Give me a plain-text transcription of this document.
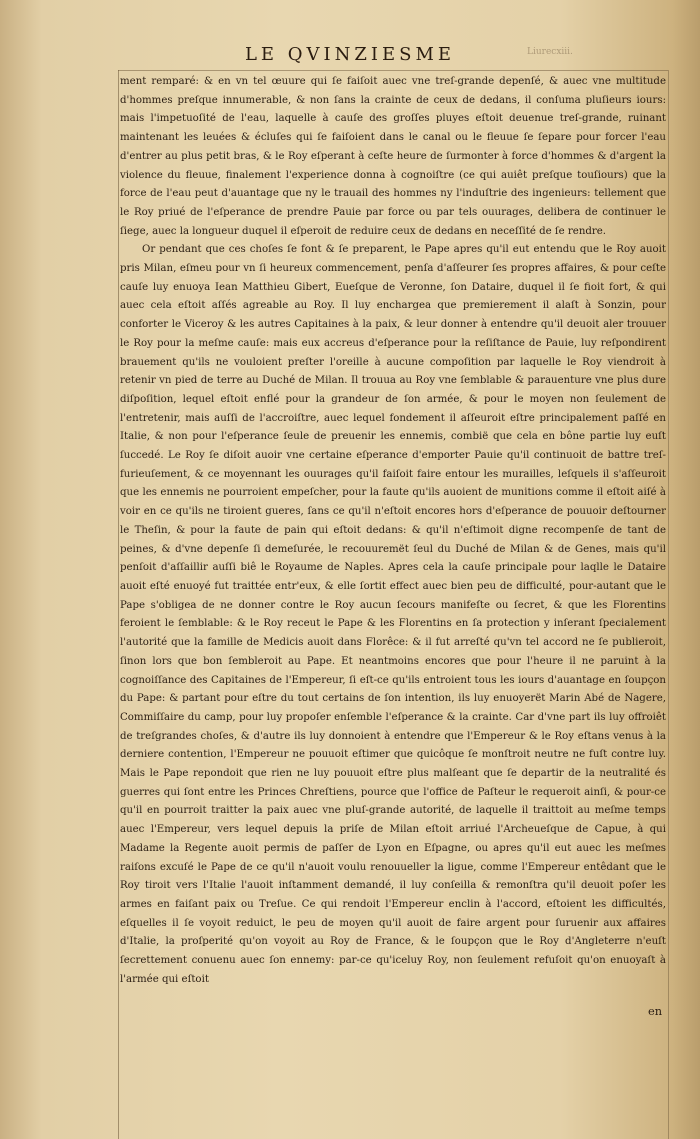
LE QVINZIESME	Liurecxiii.

ment remparé: & en vn tel œuure qui ſe faiſoit auec vne treſ-grande depenſé, & auec vne multitude d'hommes preſque innumerable, & non ſans la crainte de ceux de dedans, il conſuma pluſieurs iours: mais l'impetuoſité de l'eau, laquelle à cauſe des groſſes pluyes eſtoit deuenue treſ-grande, ruinant maintenant les leuées & écluſes qui ſe faiſoient dans le canal ou le fleuue ſe ſepare pour forcer l'eau d'entrer au plus petit bras, & le Roy eſperant à ceſte heure de ſurmonter à force d'hommes & d'argent la violence du fleuue, finalement l'experience donna à cognoiſtre (ce qui auiêt preſque touſiours) que la force de l'eau peut d'auantage que ny le trauail des hommes ny l'induſtrie des ingenieurs: tellement que le Roy priué de l'eſperance de prendre Pauie par force ou par tels ouurages, delibera de continuer le ſiege, auec la longueur duquel il eſperoit de reduire ceux de dedans en neceſſité de ſe rendre.

Or pendant que ces choſes ſe font & ſe preparent, le Pape apres qu'il eut entendu que le Roy auoit pris Milan, eſmeu pour vn ſi heureux commencement, penſa d'aſſeurer ſes propres affaires, & pour ceſte cauſe luy enuoya Iean Matthieu Gibert, Eueſque de Veronne, ſon Dataire, duquel il ſe fioit fort, & qui auec cela eſtoit aſſés agreable au Roy. Il luy enchargea que premierement il alaſt à Sonzin, pour conforter le Viceroy & les autres Capitaines à la paix, & leur donner à entendre qu'il deuoit aler trouuer le Roy pour la meſme cauſe: mais eux accreus d'eſperance pour la reſiſtance de Pauie, luy reſpondirent brauement qu'ils ne vouloient preſter l'oreille à aucune compoſition par laquelle le Roy viendroit à retenir vn pied de terre au Duché de Milan. Il trouua au Roy vne ſemblable & parauenture vne plus dure diſpoſition, lequel eſtoit enflé pour la grandeur de ſon armée, & pour le moyen non ſeulement de l'entretenir, mais auſſi de l'accroiſtre, auec lequel fondement il aſſeuroit eſtre principalement paſſé en Italie, & non pour l'eſperance ſeule de preuenir les ennemis, combië que cela en bône partie luy euſt ſuccedé. Le Roy ſe diſoit auoir vne certaine eſperance d'emporter Pauie qu'il continuoit de battre treſ-furieuſement, & ce moyennant les ouurages qu'il faiſoit faire entour les murailles, leſquels il s'aſſeuroit que les ennemis ne pourroient empeſcher, pour la faute qu'ils auoient de munitions comme il eſtoit aiſé à voir en ce qu'ils ne tiroient gueres, ſans ce qu'il n'eſtoit encores hors d'eſperance de pouuoir deſtourner le Theſin, & pour la faute de pain qui eſtoit dedans: & qu'il n'eſtimoit digne recompenſe de tant de peines, & d'vne depenſe ſi demeſurée, le recouuremët ſeul du Duché de Milan & de Genes, mais qu'il penſoit d'aſſaillir auſſi biê le Royaume de Naples. Apres cela la cauſe principale pour laqlle le Dataire auoit eſté enuoyé fut traittée entr'eux, & elle ſortit effect auec bien peu de difficulté, pour-autant que le Pape s'obligea de ne donner contre le Roy aucun ſecours manifeſte ou ſecret, & que les Florentins feroient le ſemblable: & le Roy receut le Pape & les Florentins en ſa protection y inſerant ſpecialement l'autorité que la famille de Medicis auoit dans Florêce: & il fut arreſté qu'vn tel accord ne ſe publieroit, ſinon lors que bon ſembleroit au Pape. Et neantmoins encores que pour l'heure il ne paruint à la cognoiſſance des Capitaines de l'Empereur, ſi eſt-ce qu'ils entroient tous les iours d'auantage en ſoupçon du Pape: & partant pour eſtre du tout certains de ſon intention, ils luy enuoyerët Marin Abé de Nagere, Commiſſaire du camp, pour luy propoſer enſemble l'eſperance & la crainte. Car d'vne part ils luy offroiêt de treſgrandes choſes, & d'autre ils luy donnoient à entendre que l'Empereur & le Roy eſtans venus à la derniere contention, l'Empereur ne pouuoit eſtimer que quicôque ſe monſtroit neutre ne fuſt contre luy. Mais le Pape repondoit que rien ne luy pouuoit eſtre plus malſeant que ſe departir de la neutralité és guerres qui ſont entre les Princes Chreſtiens, pource que l'office de Paſteur le requeroit ainſi, & pour-ce qu'il en pourroit traitter la paix auec vne pluſ-grande autorité, de laquelle il traittoit au meſme temps auec l'Empereur, vers lequel depuis la priſe de Milan eſtoit arriué l'Archeueſque de Capue, à qui Madame la Regente auoit permis de paſſer de Lyon en Eſpagne, ou apres qu'il eut auec les meſmes raiſons excuſé le Pape de ce qu'il n'auoit voulu renouueller la ligue, comme l'Empereur entêdant que le Roy tiroit vers l'Italie l'auoit inſtamment demandé, il luy conſeilla & remonſtra qu'il deuoit poſer les armes en faiſant paix ou Treſue. Ce qui rendoit l'Empereur enclin à l'accord, eſtoient les difficultés, eſquelles il ſe voyoit reduict, le peu de moyen qu'il auoit de faire argent pour ſuruenir aux affaires d'Italie, la proſperité qu'on voyoit au Roy de France, & le ſoupçon que le Roy d'Angleterre n'euſt ſecrettement conuenu auec ſon ennemy: par-ce qu'iceluy Roy, non ſeulement refuſoit qu'on enuoyaſt à l'armée qui eſtoit

en
